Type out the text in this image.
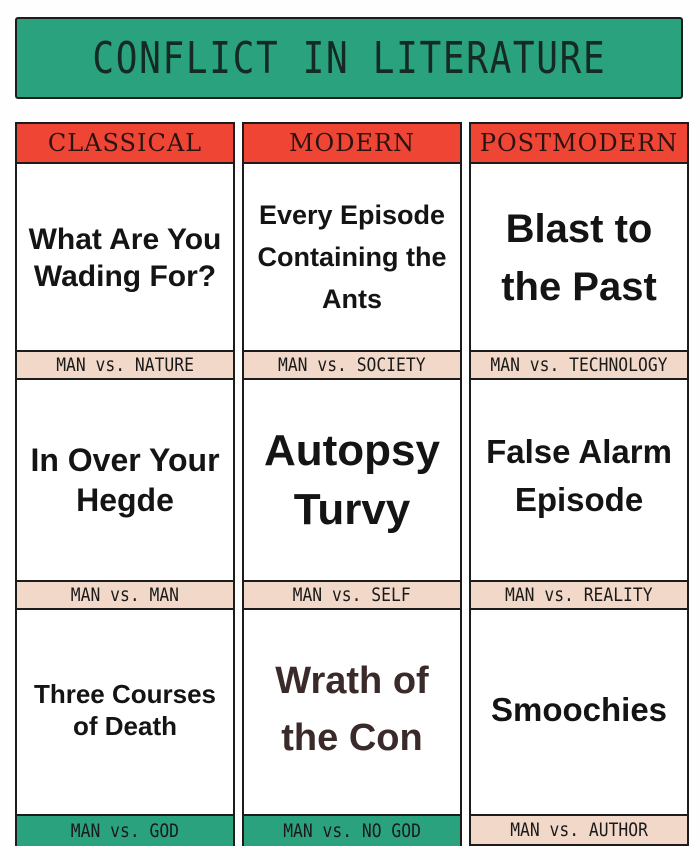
CONFLICT IN LITERATURE
CLASSICAL
What Are You Wading For?
MAN vs. NATURE
In Over Your Hegde
MAN vs. MAN
Three Courses of Death
MAN vs. GOD
MODERN
Every Episode Containing the Ants
MAN vs. SOCIETY
Autopsy Turvy
MAN vs. SELF
Wrath of the Con
MAN vs. NO GOD
POSTMODERN
Blast to the Past
MAN vs. TECHNOLOGY
False Alarm Episode
MAN vs. REALITY
Smoochies
MAN vs. AUTHOR
